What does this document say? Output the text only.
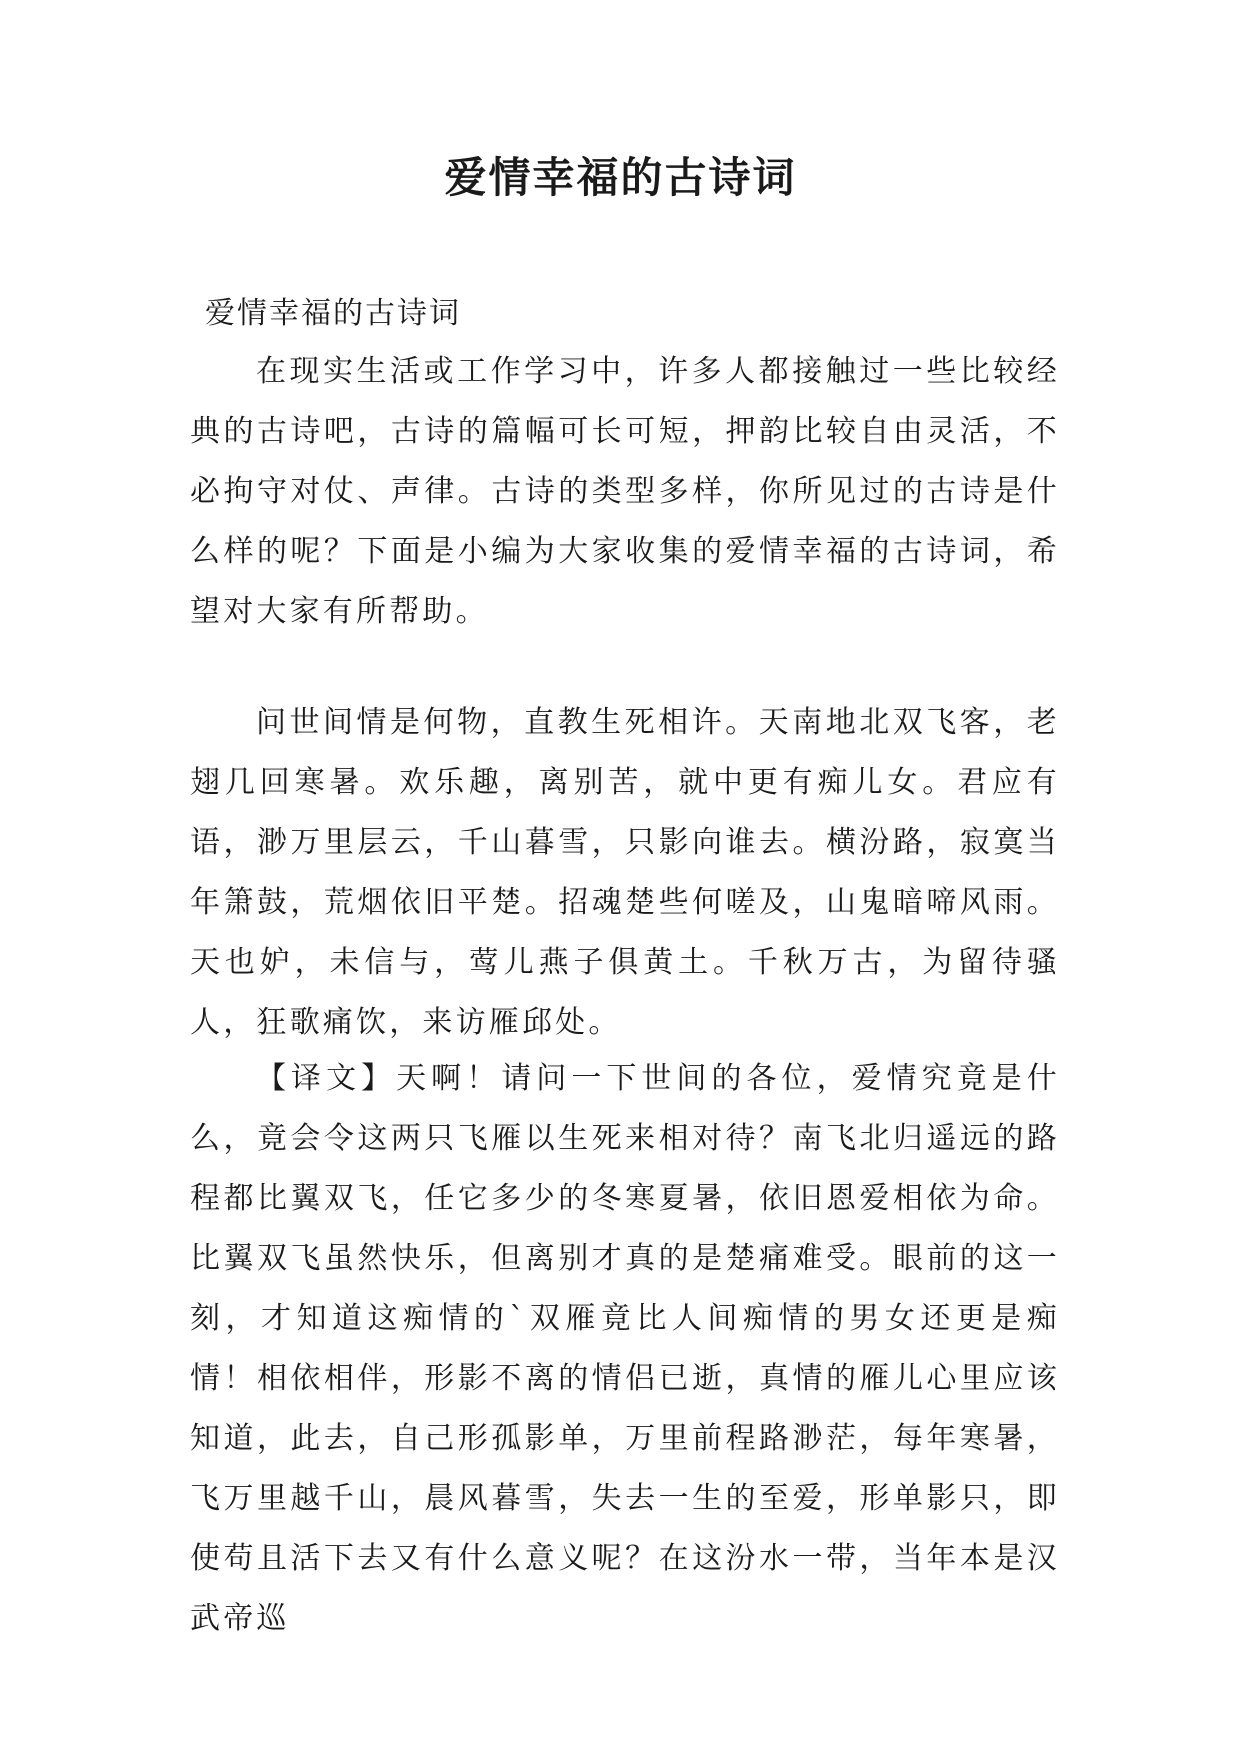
爱情幸福的古诗词

爱情幸福的古诗词

在现实生活或工作学习中，许多人都接触过一些比较经典的古诗吧，古诗的篇幅可长可短，押韵比较自由灵活，不必拘守对仗、声律。古诗的类型多样，你所见过的古诗是什么样的呢？下面是小编为大家收集的爱情幸福的古诗词，希望对大家有所帮助。

问世间情是何物，直教生死相许。天南地北双飞客，老翅几回寒暑。欢乐趣，离别苦，就中更有痴儿女。君应有语，渺万里层云，千山暮雪，只影向谁去。横汾路，寂寞当年箫鼓，荒烟依旧平楚。招魂楚些何嗟及，山鬼暗啼风雨。天也妒，未信与，莺儿燕子俱黄土。千秋万古，为留待骚人，狂歌痛饮，来访雁邱处。

【译文】天啊！请问一下世间的各位，爱情究竟是什么，竟会令这两只飞雁以生死来相对待？南飞北归遥远的路程都比翼双飞，任它多少的冬寒夏暑，依旧恩爱相依为命。比翼双飞虽然快乐，但离别才真的是楚痛难受。眼前的这一刻，才知道这痴情的`双雁竟比人间痴情的男女还更是痴情！相依相伴，形影不离的情侣已逝，真情的雁儿心里应该知道，此去，自己形孤影单，万里前程路渺茫，每年寒暑，飞万里越千山，晨风暮雪，失去一生的至爱，形单影只，即使苟且活下去又有什么意义呢？在这汾水一带，当年本是汉武帝巡
